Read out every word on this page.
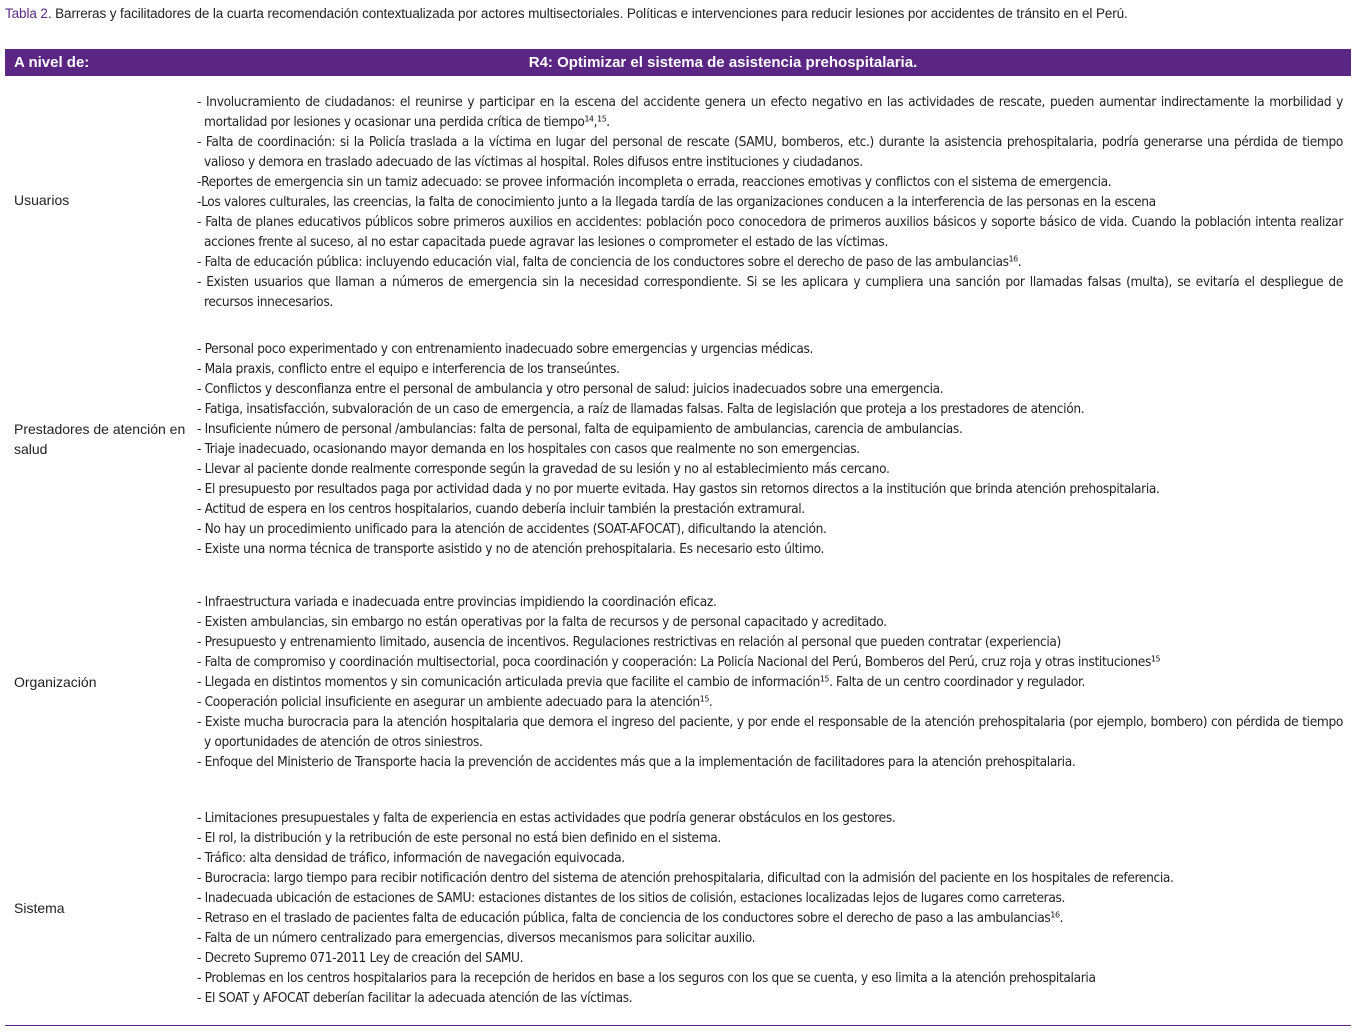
Tabla 2. Barreras y facilitadores de la cuarta recomendación contextualizada por actores multisectoriales. Políticas e intervenciones para reducir lesiones por accidentes de tránsito en el Perú.
A nivel de:	R4: Optimizar el sistema de asistencia prehospitalaria.
Usuarios
- Involucramiento de ciudadanos: el reunirse y participar en la escena del accidente genera un efecto negativo en las actividades de rescate, pueden aumentar indirectamente la morbilidad y mortalidad por lesiones y ocasionar una perdida crítica de tiempo¹⁴,¹⁵.
- Falta de coordinación: si la Policía traslada a la víctima en lugar del personal de rescate (SAMU, bomberos, etc.) durante la asistencia prehospitalaria, podría generarse una pérdida de tiempo valioso y demora en traslado adecuado de las víctimas al hospital. Roles difusos entre instituciones y ciudadanos.
-Reportes de emergencia sin un tamiz adecuado: se provee información incompleta o errada, reacciones emotivas y conflictos con el sistema de emergencia.
-Los valores culturales, las creencias, la falta de conocimiento junto a la llegada tardía de las organizaciones conducen a la interferencia de las personas en la escena
- Falta de planes educativos públicos sobre primeros auxilios en accidentes: población poco conocedora de primeros auxilios básicos y soporte básico de vida. Cuando la población intenta realizar acciones frente al suceso, al no estar capacitada puede agravar las lesiones o comprometer el estado de las víctimas.
- Falta de educación pública: incluyendo educación vial, falta de conciencia de los conductores sobre el derecho de paso de las ambulancias¹⁶.
- Existen usuarios que llaman a números de emergencia sin la necesidad correspondiente. Si se les aplicara y cumpliera una sanción por llamadas falsas (multa), se evitaría el despliegue de recursos innecesarios.
Prestadores de atención en salud
- Personal poco experimentado y con entrenamiento inadecuado sobre emergencias y urgencias médicas.
- Mala praxis, conflicto entre el equipo e interferencia de los transeúntes.
- Conflictos y desconfianza entre el personal de ambulancia y otro personal de salud: juicios inadecuados sobre una emergencia.
- Fatiga, insatisfacción, subvaloración de un caso de emergencia, a raíz de llamadas falsas. Falta de legislación que proteja a los prestadores de atención.
- Insuficiente número de personal /ambulancias: falta de personal, falta de equipamiento de ambulancias, carencia de ambulancias.
- Triaje inadecuado, ocasionando mayor demanda en los hospitales con casos que realmente no son emergencias.
- Llevar al paciente donde realmente corresponde según la gravedad de su lesión y no al establecimiento más cercano.
- El presupuesto por resultados paga por actividad dada y no por muerte evitada. Hay gastos sin retornos directos a la institución que brinda atención prehospitalaria.
- Actitud de espera en los centros hospitalarios, cuando debería incluir también la prestación extramural.
- No hay un procedimiento unificado para la atención de accidentes (SOAT-AFOCAT), dificultando la atención.
- Existe una norma técnica de transporte asistido y no de atención prehospitalaria. Es necesario esto último.
Organización
- Infraestructura variada e inadecuada entre provincias impidiendo la coordinación eficaz.
- Existen ambulancias, sin embargo no están operativas por la falta de recursos y de personal capacitado y acreditado.
- Presupuesto y entrenamiento limitado, ausencia de incentivos. Regulaciones restrictivas en relación al personal que pueden contratar (experiencia)
- Falta de compromiso y coordinación multisectorial, poca coordinación y cooperación: La Policía Nacional del Perú, Bomberos del Perú, cruz roja y otras instituciones¹⁵
- Llegada en distintos momentos y sin comunicación articulada previa que facilite el cambio de información¹⁵. Falta de un centro coordinador y regulador.
- Cooperación policial insuficiente en asegurar un ambiente adecuado para la atención¹⁵.
- Existe mucha burocracia para la atención hospitalaria que demora el ingreso del paciente, y por ende el responsable de la atención prehospitalaria (por ejemplo, bombero) con pérdida de tiempo y oportunidades de atención de otros siniestros.
- Enfoque del Ministerio de Transporte hacia la prevención de accidentes más que a la implementación de facilitadores para la atención prehospitalaria.
Sistema
- Limitaciones presupuestales y falta de experiencia en estas actividades que podría generar obstáculos en los gestores.
- El rol, la distribución y la retribución de este personal no está bien definido en el sistema.
- Tráfico: alta densidad de tráfico, información de navegación equivocada.
- Burocracia: largo tiempo para recibir notificación dentro del sistema de atención prehospitalaria, dificultad con la admisión del paciente en los hospitales de referencia.
- Inadecuada ubicación de estaciones de SAMU: estaciones distantes de los sitios de colisión, estaciones localizadas lejos de lugares como carreteras.
- Retraso en el traslado de pacientes falta de educación pública, falta de conciencia de los conductores sobre el derecho de paso a las ambulancias¹⁶.
- Falta de un número centralizado para emergencias, diversos mecanismos para solicitar auxilio.
- Decreto Supremo 071-2011 Ley de creación del SAMU.
- Problemas en los centros hospitalarios para la recepción de heridos en base a los seguros con los que se cuenta, y eso limita a la atención prehospitalaria
- El SOAT y AFOCAT deberían facilitar la adecuada atención de las víctimas.
